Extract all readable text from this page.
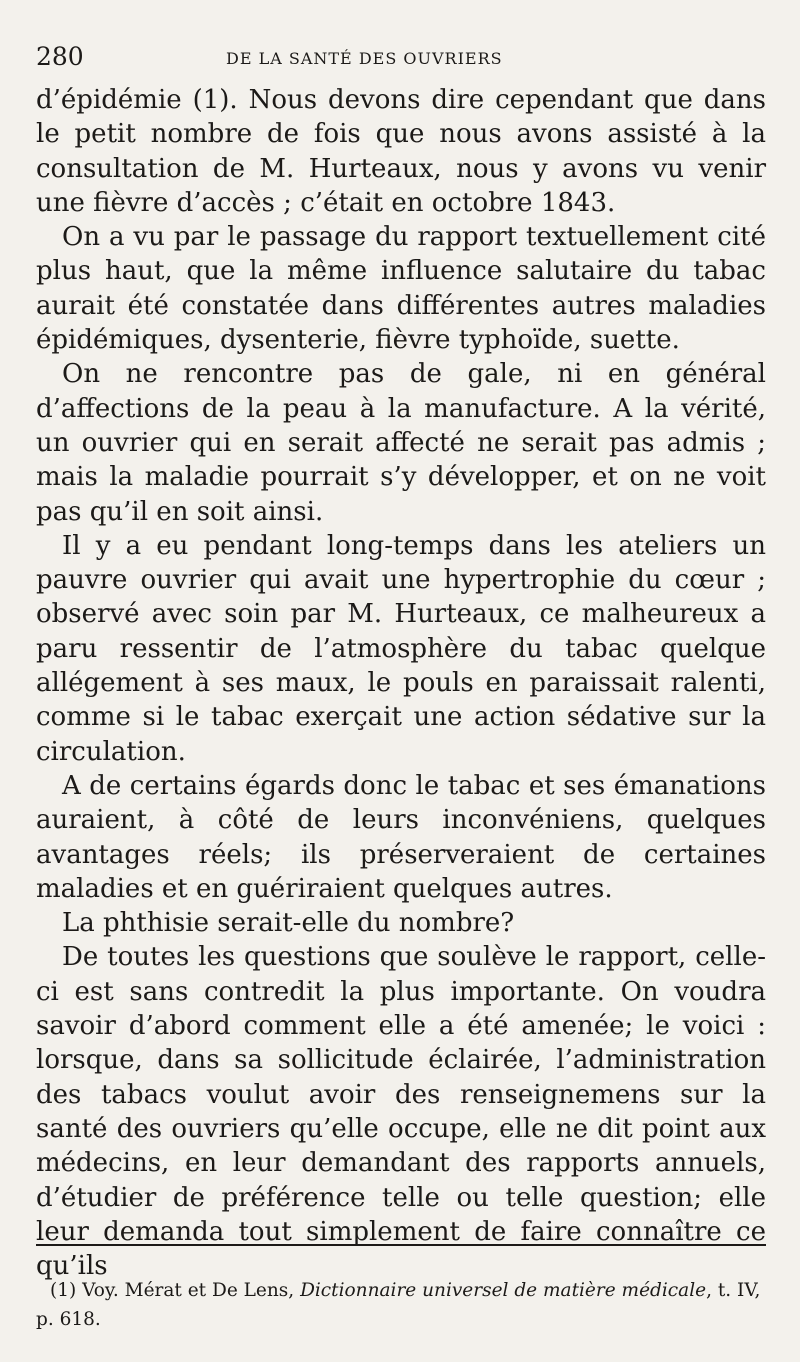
280	DE LA SANTÉ DES OUVRIERS

d’épidémie (1). Nous devons dire cependant que dans le petit nombre de fois que nous avons assisté à la consultation de M. Hurteaux, nous y avons vu venir une fièvre d’accès ; c’était en octobre 1843.

On a vu par le passage du rapport textuellement cité plus haut, que la même influence salutaire du tabac aurait été constatée dans différentes autres maladies épidémiques, dysenterie, fièvre typhoïde, suette.

On ne rencontre pas de gale, ni en général d’affections de la peau à la manufacture. A la vérité, un ouvrier qui en serait affecté ne serait pas admis ; mais la maladie pourrait s’y développer, et on ne voit pas qu’il en soit ainsi.

Il y a eu pendant long-temps dans les ateliers un pauvre ouvrier qui avait une hypertrophie du cœur ; observé avec soin par M. Hurteaux, ce malheureux a paru ressentir de l’atmosphère du tabac quelque allégement à ses maux, le pouls en paraissait ralenti, comme si le tabac exerçait une action sédative sur la circulation.

A de certains égards donc le tabac et ses émanations auraient, à côté de leurs inconvéniens, quelques avantages réels; ils préserveraient de certaines maladies et en guériraient quelques autres.

La phthisie serait-elle du nombre?

De toutes les questions que soulève le rapport, celle-ci est sans contredit la plus importante. On voudra savoir d’abord comment elle a été amenée; le voici : lorsque, dans sa sollicitude éclairée, l’administration des tabacs voulut avoir des renseignemens sur la santé des ouvriers qu’elle occupe, elle ne dit point aux médecins, en leur demandant des rapports annuels, d’étudier de préférence telle ou telle question; elle leur demanda tout simplement de faire connaître ce qu’ils

(1) Voy. Mérat et De Lens, Dictionnaire universel de matière médicale, t. IV, p. 618.
